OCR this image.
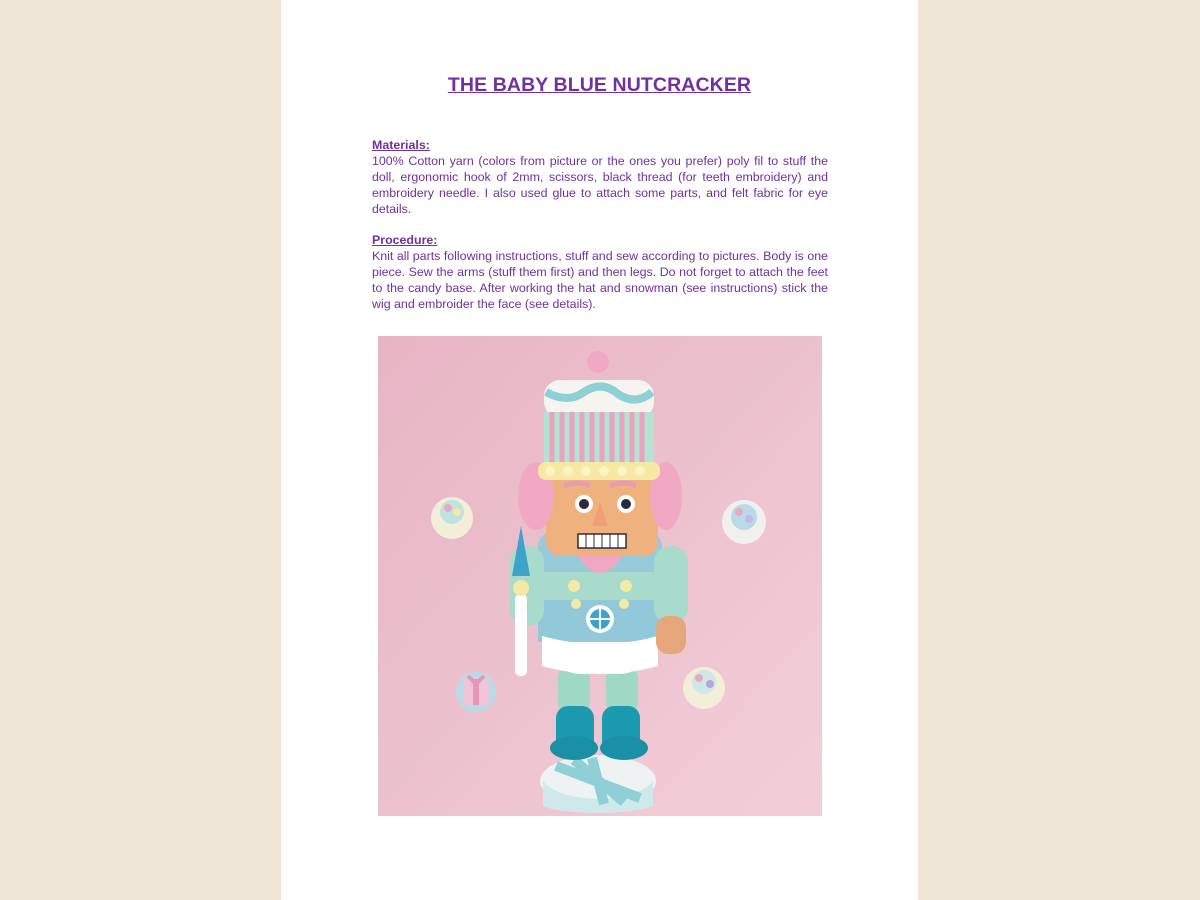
THE BABY BLUE NUTCRACKER
Materials:
100% Cotton yarn (colors from picture or the ones you prefer) poly fil to stuff the doll, ergonomic hook of 2mm, scissors, black thread (for teeth embroidery) and embroidery needle. I also used glue to attach some parts, and felt fabric for eye details.
Procedure:
Knit all parts following instructions, stuff and sew according to pictures. Body is one piece. Sew the arms (stuff them first) and then legs. Do not forget to attach the feet to the candy base. After working the hat and snowman (see instructions) stick the wig and embroider the face (see details).
